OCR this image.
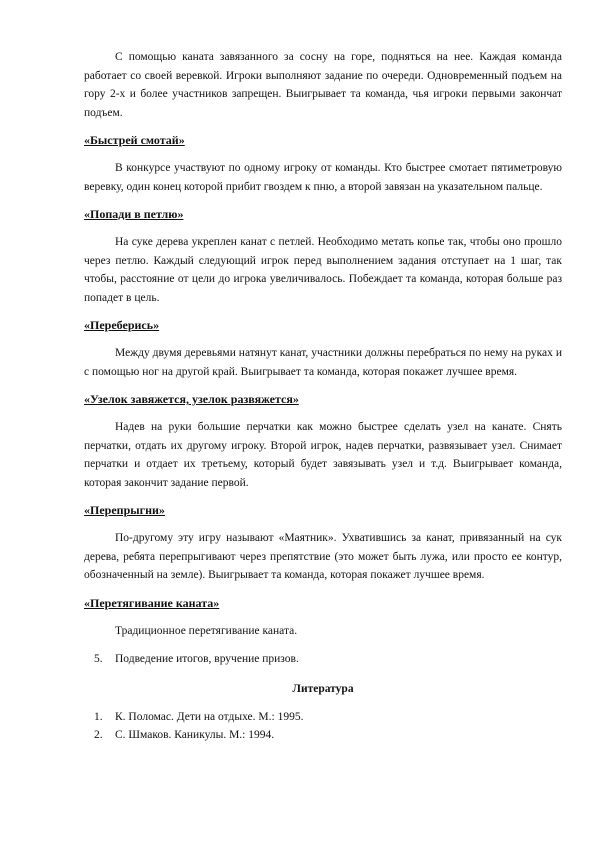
С помощью каната завязанного за сосну на горе, подняться на нее. Каждая команда работает со своей веревкой. Игроки выполняют задание по очереди. Одновременный подъем на гору 2-х и более участников запрещен. Выигрывает та команда, чья игроки первыми закончат подъем.

«Быстрей смотай»

В конкурсе участвуют по одному игроку от команды. Кто быстрее смотает пятиметровую веревку, один конец которой прибит гвоздем к пню, а второй завязан на указательном пальце.

«Попади в петлю»

На суке дерева укреплен канат с петлей. Необходимо метать копье так, чтобы оно прошло через петлю. Каждый следующий игрок перед выполнением задания отступает на 1 шаг, так чтобы, расстояние от цели до игрока увеличивалось. Побеждает та команда, которая больше раз попадет в цель.

«Переберись»

Между двумя деревьями натянут канат, участники должны перебраться по нему на руках и с помощью ног на другой край. Выигрывает та команда, которая покажет лучшее время.

«Узелок завяжется, узелок развяжется»

Надев на руки большие перчатки как можно быстрее сделать узел на канате. Снять перчатки, отдать их другому игроку. Второй игрок, надев перчатки, развязывает узел. Снимает перчатки и отдает их третьему, который будет завязывать узел и т.д. Выигрывает команда, которая закончит задание первой.

«Перепрыгни»

По-другому эту игру называют «Маятник». Ухватившись за канат, привязанный на сук дерева, ребята перепрыгивают через препятствие (это может быть лужа, или просто ее контур, обозначенный на земле). Выигрывает та команда, которая покажет лучшее время.

«Перетягивание каната»

Традиционное перетягивание каната.

5. Подведение итогов, вручение призов.

Литература

1. К. Поломас. Дети на отдыхе. М.: 1995.
2. С. Шмаков. Каникулы. М.: 1994.
